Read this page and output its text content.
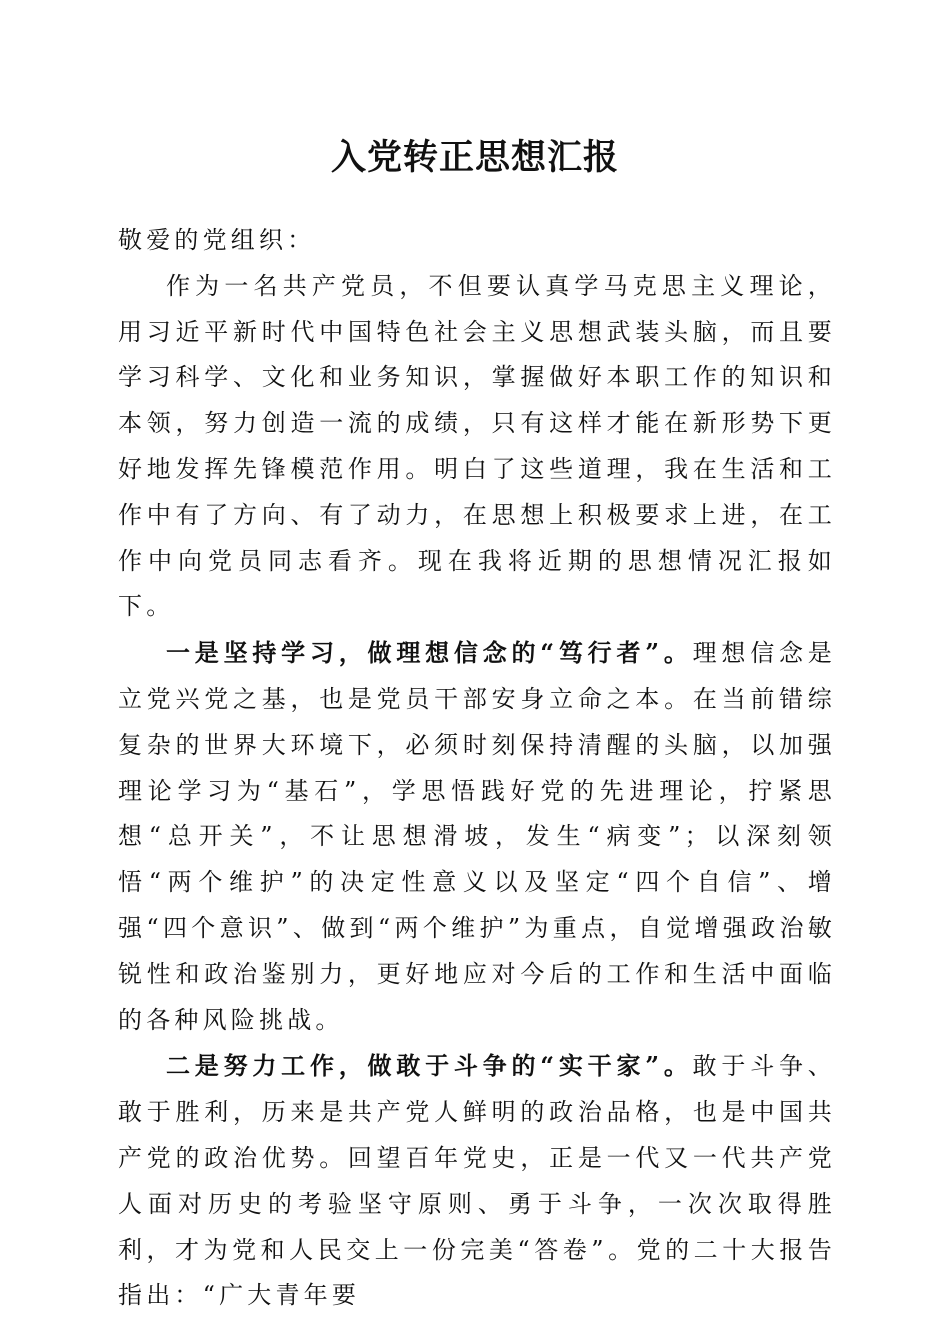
入党转正思想汇报

敬爱的党组织：

作为一名共产党员，不但要认真学马克思主义理论，用习近平新时代中国特色社会主义思想武装头脑，而且要学习科学、文化和业务知识，掌握做好本职工作的知识和本领，努力创造一流的成绩，只有这样才能在新形势下更好地发挥先锋模范作用。明白了这些道理，我在生活和工作中有了方向、有了动力，在思想上积极要求上进，在工作中向党员同志看齐。现在我将近期的思想情况汇报如下。

一是坚持学习，做理想信念的“笃行者”。理想信念是立党兴党之基，也是党员干部安身立命之本。在当前错综复杂的世界大环境下，必须时刻保持清醒的头脑，以加强理论学习为“基石”，学思悟践好党的先进理论，拧紧思想“总开关”，不让思想滑坡，发生“病变”；以深刻领悟“两个维护”的决定性意义以及坚定“四个自信”、增强“四个意识”、做到“两个维护”为重点，自觉增强政治敏锐性和政治鉴别力，更好地应对今后的工作和生活中面临的各种风险挑战。

二是努力工作，做敢于斗争的“实干家”。敢于斗争、敢于胜利，历来是共产党人鲜明的政治品格，也是中国共产党的政治优势。回望百年党史，正是一代又一代共产党人面对历史的考验坚守原则、勇于斗争，一次次取得胜利，才为党和人民交上一份完美“答卷”。党的二十大报告指出：“广大青年要
